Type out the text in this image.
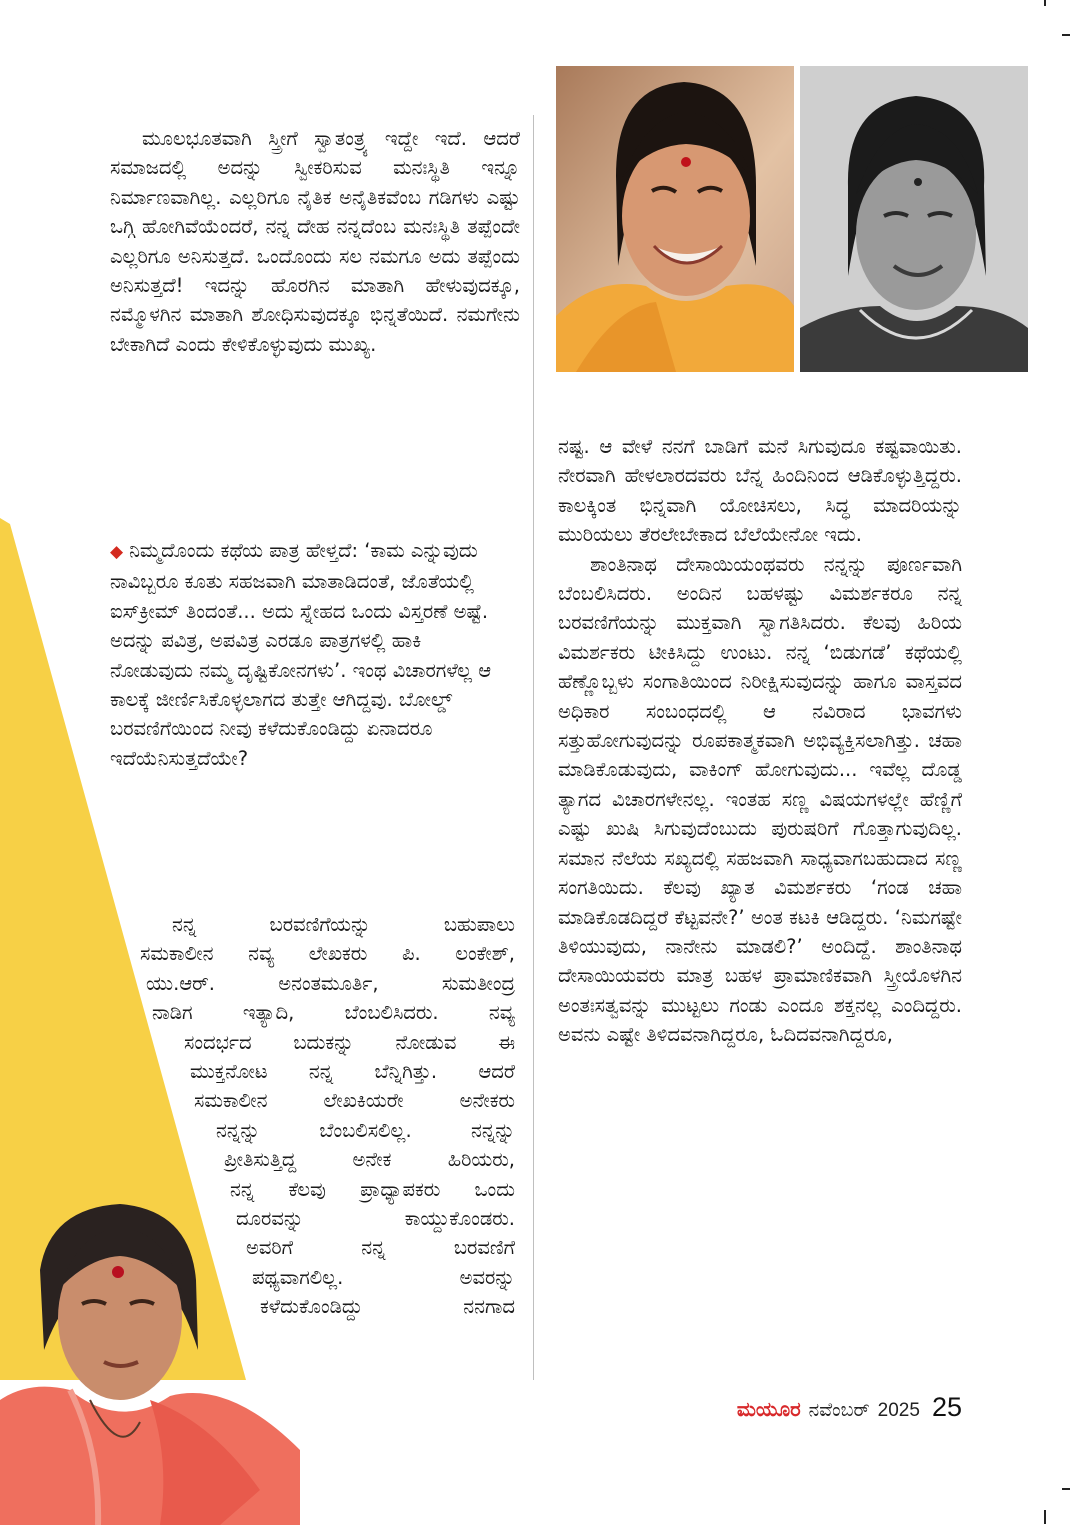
ಮೂಲಭೂತವಾಗಿ ಸ್ತ್ರೀಗೆ ಸ್ವಾತಂತ್ರ್ಯ ಇದ್ದೇ ಇದೆ. ಆದರೆ ಸಮಾಜದಲ್ಲಿ ಅದನ್ನು ಸ್ವೀಕರಿಸುವ ಮನಃಸ್ಥಿತಿ ಇನ್ನೂ ನಿರ್ಮಾಣವಾಗಿಲ್ಲ. ಎಲ್ಲರಿಗೂ ನೈತಿಕ ಅನೈತಿಕವೆಂಬ ಗಡಿಗಳು ಎಷ್ಟು ಒಗ್ಗಿ ಹೋಗಿವೆಯೆಂದರೆ, ನನ್ನ ದೇಹ ನನ್ನದೆಂಬ ಮನಃಸ್ಥಿತಿ ತಪ್ಪೆಂದೇ ಎಲ್ಲರಿಗೂ ಅನಿಸುತ್ತದೆ. ಒಂದೊಂದು ಸಲ ನಮಗೂ ಅದು ತಪ್ಪೆಂದು ಅನಿಸುತ್ತದೆ! ಇದನ್ನು ಹೊರಗಿನ ಮಾತಾಗಿ ಹೇಳುವುದಕ್ಕೂ, ನಮ್ಮೊಳಗಿನ ಮಾತಾಗಿ ಶೋಧಿಸುವುದಕ್ಕೂ ಭಿನ್ನತೆಯಿದೆ. ನಮಗೇನು ಬೇಕಾಗಿದೆ ಎಂದು ಕೇಳಿಕೊಳ್ಳುವುದು ಮುಖ್ಯ.

◆ ನಿಮ್ಮದೊಂದು ಕಥೆಯ ಪಾತ್ರ ಹೇಳ್ತದೆ: ‘ಕಾಮ ಎನ್ನುವುದು ನಾವಿಬ್ಬರೂ ಕೂತು ಸಹಜವಾಗಿ ಮಾತಾಡಿದಂತೆ, ಜೊತೆಯಲ್ಲಿ ಐಸ್‌ಕ್ರೀಮ್ ತಿಂದಂತೆ... ಅದು ಸ್ನೇಹದ ಒಂದು ವಿಸ್ತರಣೆ ಅಷ್ಟೆ. ಅದನ್ನು ಪವಿತ್ರ, ಅಪವಿತ್ರ ಎರಡೂ ಪಾತ್ರಗಳಲ್ಲಿ ಹಾಕಿ ನೋಡುವುದು ನಮ್ಮ ದೃಷ್ಟಿಕೋನಗಳು’. ಇಂಥ ವಿಚಾರಗಳೆಲ್ಲ ಆ ಕಾಲಕ್ಕೆ ಜೀರ್ಣಿಸಿಕೊಳ್ಳಲಾಗದ ತುತ್ತೇ ಆಗಿದ್ದವು. ಬೋಲ್ಡ್ ಬರವಣಿಗೆಯಿಂದ ನೀವು ಕಳೆದುಕೊಂಡಿದ್ದು ಏನಾದರೂ ಇದೆಯೆನಿಸುತ್ತದೆಯೇ?

ನನ್ನ ಬರವಣಿಗೆಯನ್ನು ಬಹುಪಾಲು
ಸಮಕಾಲೀನ ನವ್ಯ ಲೇಖಕರು ಪಿ. ಲಂಕೇಶ್,
ಯು.ಆರ್. ಅನಂತಮೂರ್ತಿ, ಸುಮತೀಂದ್ರ
ನಾಡಿಗ ಇತ್ಯಾದಿ, ಬೆಂಬಲಿಸಿದರು. ನವ್ಯ
ಸಂದರ್ಭದ ಬದುಕನ್ನು ನೋಡುವ ಈ
ಮುಕ್ತನೋಟ ನನ್ನ ಬೆನ್ನಿಗಿತ್ತು. ಆದರೆ
ಸಮಕಾಲೀನ ಲೇಖಕಿಯರೇ ಅನೇಕರು
ನನ್ನನ್ನು ಬೆಂಬಲಿಸಲಿಲ್ಲ. ನನ್ನನ್ನು
ಪ್ರೀತಿಸುತ್ತಿದ್ದ ಅನೇಕ ಹಿರಿಯರು,
ನನ್ನ ಕೆಲವು ಪ್ರಾಧ್ಯಾಪಕರು ಒಂದು
ದೂರವನ್ನು ಕಾಯ್ದುಕೊಂಡರು.
ಅವರಿಗೆ ನನ್ನ ಬರವಣಿಗೆ
ಪಥ್ಯವಾಗಲಿಲ್ಲ. ಅವರನ್ನು
ಕಳೆದುಕೊಂಡಿದ್ದು ನನಗಾದ

ನಷ್ಟ. ಆ ವೇಳೆ ನನಗೆ ಬಾಡಿಗೆ ಮನೆ ಸಿಗುವುದೂ ಕಷ್ಟವಾಯಿತು. ನೇರವಾಗಿ ಹೇಳಲಾರದವರು ಬೆನ್ನ ಹಿಂದಿನಿಂದ ಆಡಿಕೊಳ್ಳುತ್ತಿದ್ದರು. ಕಾಲಕ್ಕಿಂತ ಭಿನ್ನವಾಗಿ ಯೋಚಿಸಲು, ಸಿದ್ಧ ಮಾದರಿಯನ್ನು ಮುರಿಯಲು ತೆರಲೇಬೇಕಾದ ಬೆಲೆಯೇನೋ ಇದು.

ಶಾಂತಿನಾಥ ದೇಸಾಯಿಯಂಥವರು ನನ್ನನ್ನು ಪೂರ್ಣವಾಗಿ ಬೆಂಬಲಿಸಿದರು. ಅಂದಿನ ಬಹಳಷ್ಟು ವಿಮರ್ಶಕರೂ ನನ್ನ ಬರವಣಿಗೆಯನ್ನು ಮುಕ್ತವಾಗಿ ಸ್ವಾಗತಿಸಿದರು. ಕೆಲವು ಹಿರಿಯ ವಿಮರ್ಶಕರು ಟೀಕಿಸಿದ್ದು ಉಂಟು. ನನ್ನ ‘ಬಿಡುಗಡೆ’ ಕಥೆಯಲ್ಲಿ ಹೆಣ್ಣೊಬ್ಬಳು ಸಂಗಾತಿಯಿಂದ ನಿರೀಕ್ಷಿಸುವುದನ್ನು ಹಾಗೂ ವಾಸ್ತವದ ಅಧಿಕಾರ ಸಂಬಂಧದಲ್ಲಿ ಆ ನವಿರಾದ ಭಾವಗಳು ಸತ್ತುಹೋಗುವುದನ್ನು ರೂಪಕಾತ್ಮಕವಾಗಿ ಅಭಿವ್ಯಕ್ತಿಸಲಾಗಿತ್ತು. ಚಹಾ ಮಾಡಿಕೊಡುವುದು, ವಾಕಿಂಗ್ ಹೋಗುವುದು... ಇವೆಲ್ಲ ದೊಡ್ಡ ತ್ಯಾಗದ ವಿಚಾರಗಳೇನಲ್ಲ. ಇಂತಹ ಸಣ್ಣ ವಿಷಯಗಳಲ್ಲೇ ಹೆಣ್ಣಿಗೆ ಎಷ್ಟು ಖುಷಿ ಸಿಗುವುದೆಂಬುದು ಪುರುಷರಿಗೆ ಗೊತ್ತಾಗುವುದಿಲ್ಲ. ಸಮಾನ ನೆಲೆಯ ಸಖ್ಯದಲ್ಲಿ ಸಹಜವಾಗಿ ಸಾಧ್ಯವಾಗಬಹುದಾದ ಸಣ್ಣ ಸಂಗತಿಯಿದು. ಕೆಲವು ಖ್ಯಾತ ವಿಮರ್ಶಕರು ‘ಗಂಡ ಚಹಾ ಮಾಡಿಕೊಡದಿದ್ದರೆ ಕೆಟ್ಟವನೇ?’ ಅಂತ ಕಟಕಿ ಆಡಿದ್ದರು. ‘ನಿಮಗಷ್ಟೇ ತಿಳಿಯುವುದು, ನಾನೇನು ಮಾಡಲಿ?’ ಅಂದಿದ್ದೆ. ಶಾಂತಿನಾಥ ದೇಸಾಯಿಯವರು ಮಾತ್ರ ಬಹಳ ಪ್ರಾಮಾಣಿಕವಾಗಿ ಸ್ತ್ರೀಯೊಳಗಿನ ಅಂತಃಸತ್ವವನ್ನು ಮುಟ್ಟಲು ಗಂಡು ಎಂದೂ ಶಕ್ತನಲ್ಲ ಎಂದಿದ್ದರು. ಅವನು ಎಷ್ಟೇ ತಿಳಿದವನಾಗಿದ್ದರೂ, ಓದಿದವನಾಗಿದ್ದರೂ,

ಮಯೂರ ನವೆಂಬರ್ 2025 25
